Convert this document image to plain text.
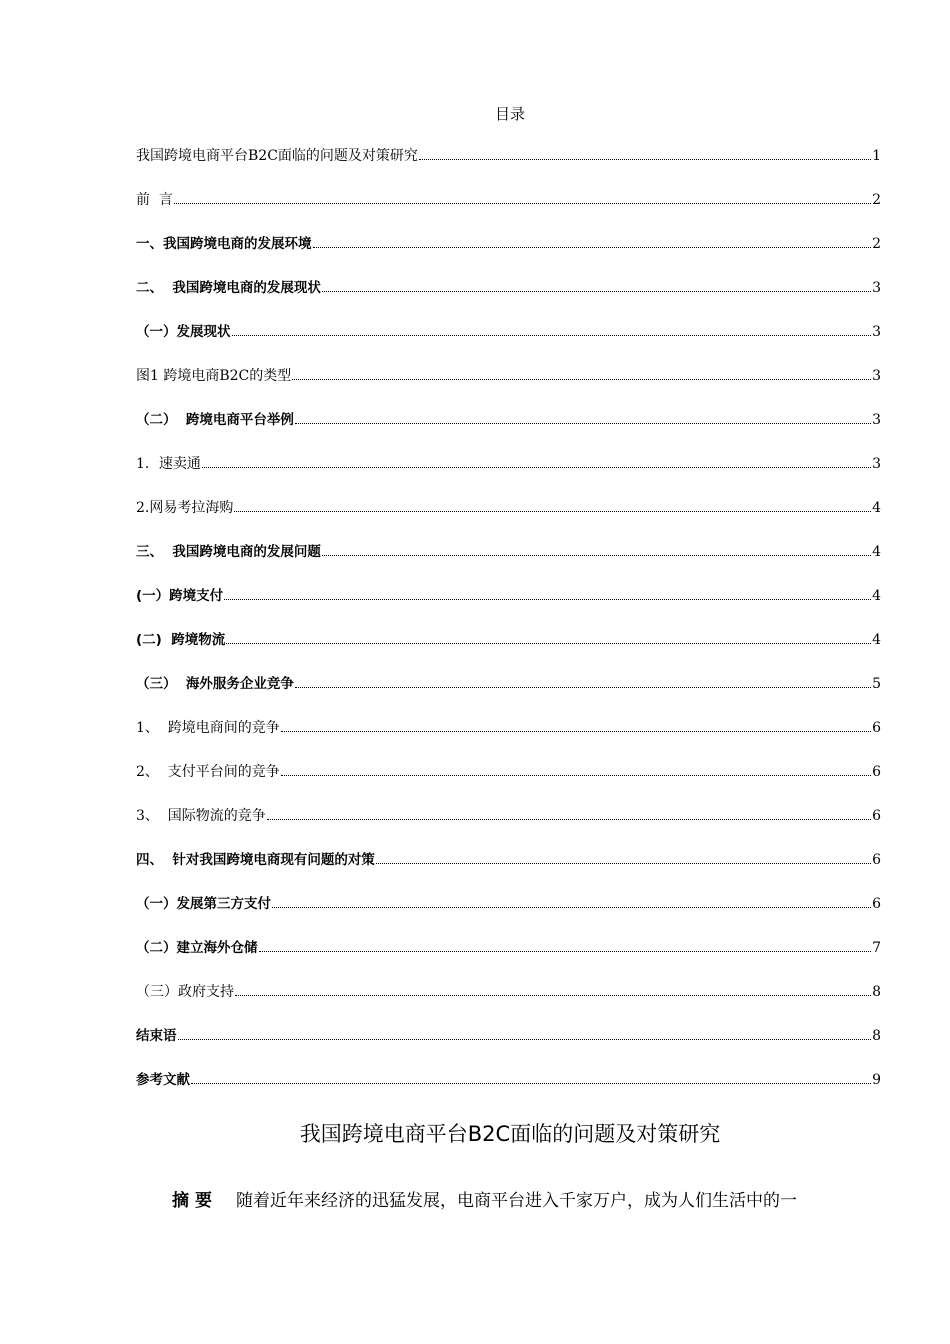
目录
我国跨境电商平台B2C面临的问题及对策研究	1
前  言	2
一、我国跨境电商的发展环境	2
二、  我国跨境电商的发展现状	3
（一）发展现状	3
图1 跨境电商B2C的类型	3
（二）  跨境电商平台举例	3
1．速卖通	3
2.网易考拉海购	4
三、  我国跨境电商的发展问题	4
(一）跨境支付	4
(二)  跨境物流	4
（三）  海外服务企业竞争	5
1、  跨境电商间的竞争	6
2、  支付平台间的竞争	6
3、  国际物流的竞争	6
四、  针对我国跨境电商现有问题的对策	6
（一）发展第三方支付	6
（二）建立海外仓储	7
（三）政府支持	8
结束语	8
参考文献	9
我国跨境电商平台B2C面临的问题及对策研究
摘要 随着近年来经济的迅猛发展，电商平台进入千家万户，成为人们生活中的一
